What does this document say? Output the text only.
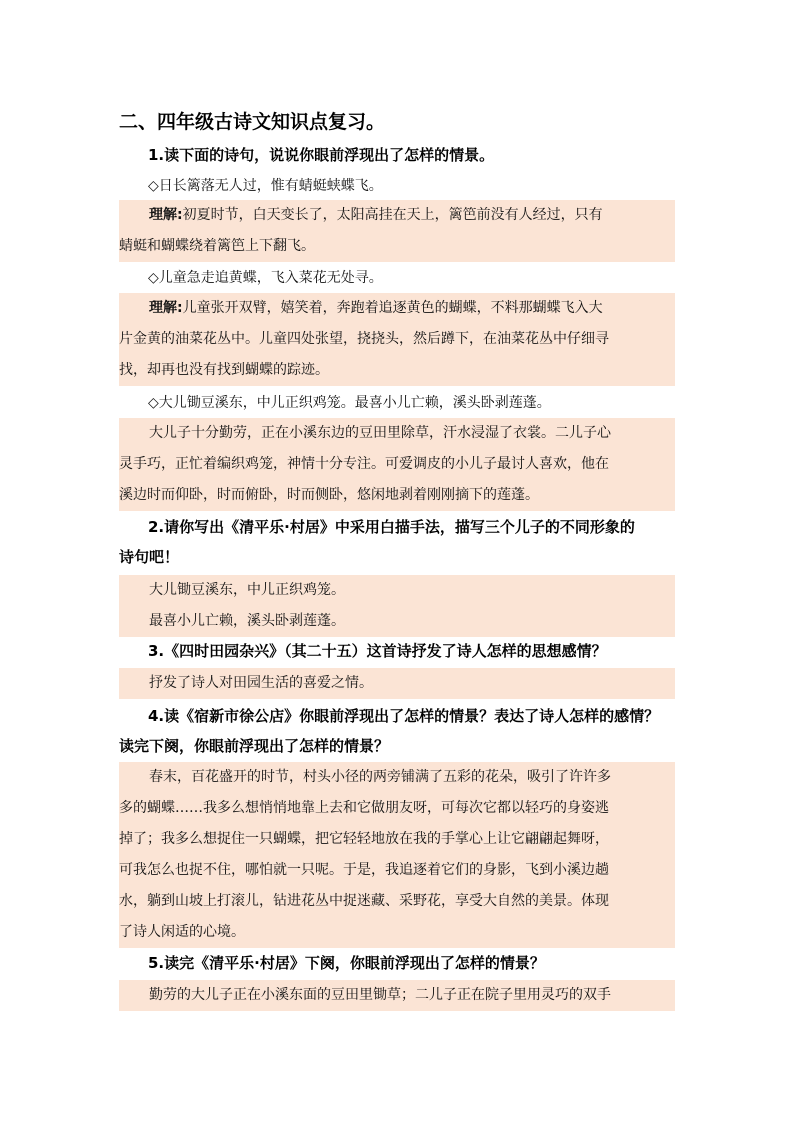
二、四年级古诗文知识点复习。
1.读下面的诗句，说说你眼前浮现出了怎样的情景。
◇日长篱落无人过，惟有蜻蜓蛱蝶飞。
理解:初夏时节，白天变长了，太阳高挂在天上，篱笆前没有人经过，只有
蜻蜓和蝴蝶绕着篱笆上下翻飞。
◇儿童急走追黄蝶，飞入菜花无处寻。
理解:儿童张开双臂，嬉笑着，奔跑着追逐黄色的蝴蝶，不料那蝴蝶飞入大
片金黄的油菜花丛中。儿童四处张望，挠挠头，然后蹲下，在油菜花丛中仔细寻
找，却再也没有找到蝴蝶的踪迹。
◇大儿锄豆溪东，中儿正织鸡笼。最喜小儿亡赖，溪头卧剥莲蓬。
大儿子十分勤劳，正在小溪东边的豆田里除草，汗水浸湿了衣裳。二儿子心
灵手巧，正忙着编织鸡笼，神情十分专注。可爱调皮的小儿子最讨人喜欢，他在
溪边时而仰卧，时而俯卧，时而侧卧，悠闲地剥着刚刚摘下的莲蓬。
2.请你写出《清平乐·村居》中采用白描手法，描写三个儿子的不同形象的
诗句吧！
大儿锄豆溪东，中儿正织鸡笼。
最喜小儿亡赖，溪头卧剥莲蓬。
3.《四时田园杂兴》（其二十五）这首诗抒发了诗人怎样的思想感情？
抒发了诗人对田园生活的喜爱之情。
4.读《宿新市徐公店》你眼前浮现出了怎样的情景？表达了诗人怎样的感情？
读完下阕，你眼前浮现出了怎样的情景？
春末，百花盛开的时节，村头小径的两旁铺满了五彩的花朵，吸引了许许多
多的蝴蝶……我多么想悄悄地靠上去和它做朋友呀，可每次它都以轻巧的身姿逃
掉了；我多么想捉住一只蝴蝶，把它轻轻地放在我的手掌心上让它翩翩起舞呀，
可我怎么也捉不住，哪怕就一只呢。于是，我追逐着它们的身影，飞到小溪边趟
水，躺到山坡上打滚儿，钻进花丛中捉迷藏、采野花，享受大自然的美景。体现
了诗人闲适的心境。
5.读完《清平乐·村居》下阕，你眼前浮现出了怎样的情景？
勤劳的大儿子正在小溪东面的豆田里锄草；二儿子正在院子里用灵巧的双手
